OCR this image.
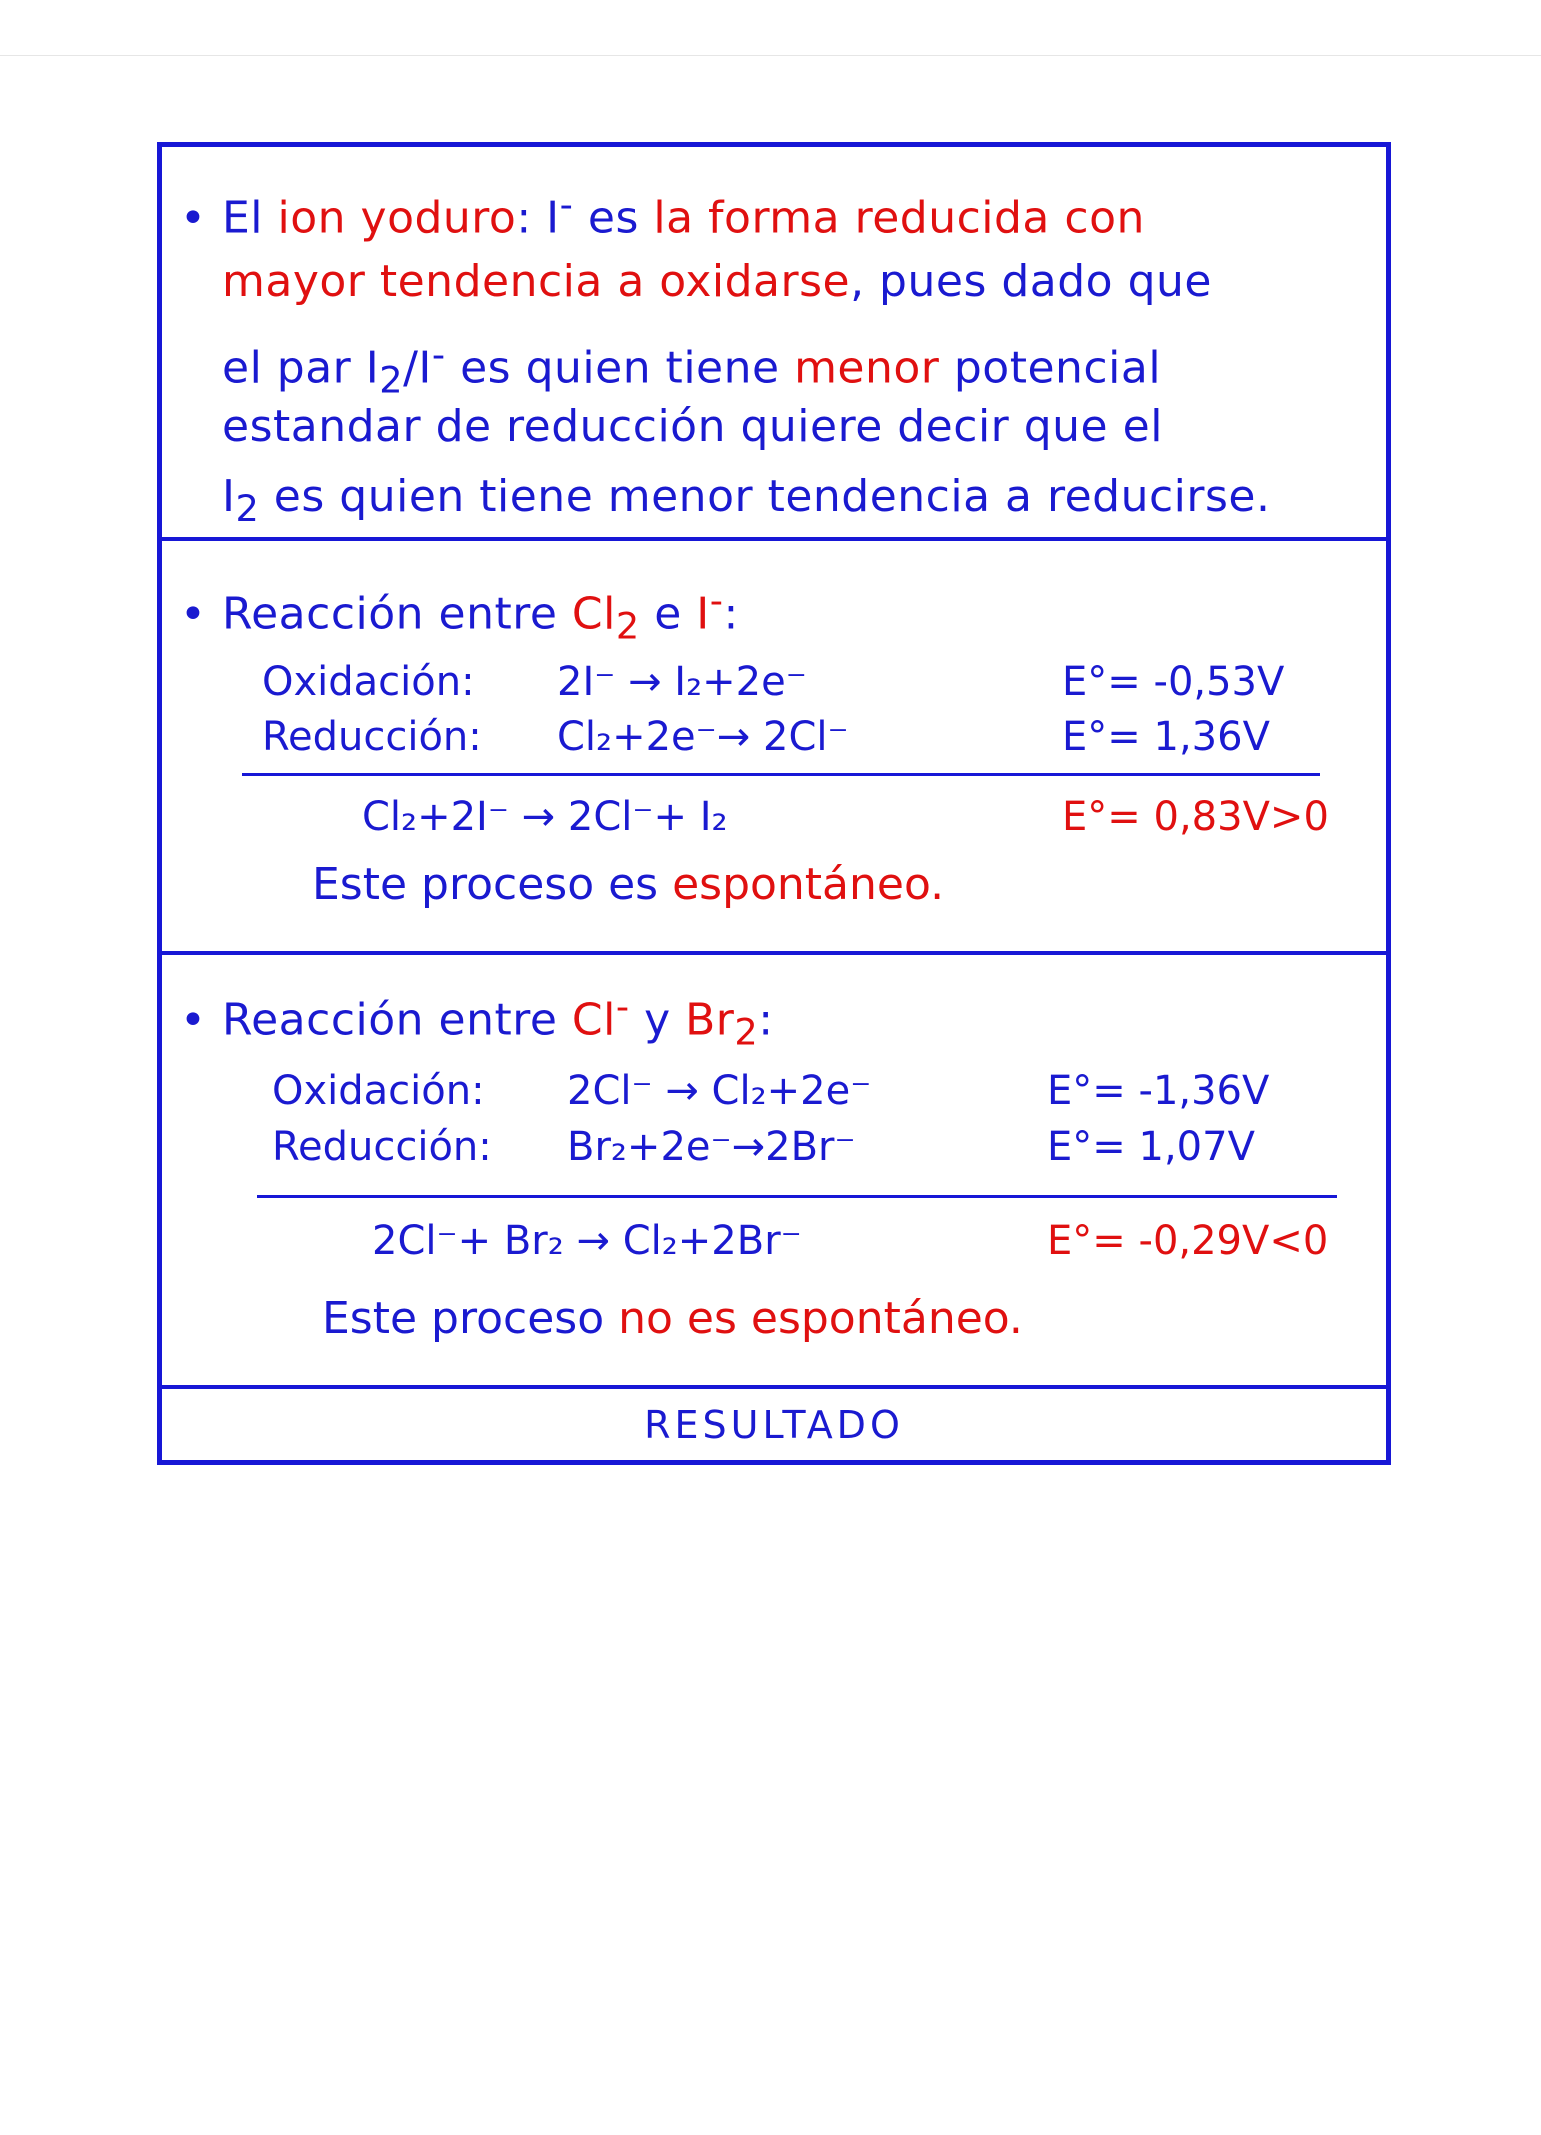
• El ion yoduro: I- es la forma reducida con
mayor tendencia a oxidarse, pues dado que
el par $I_2/I^-$ es quien tiene menor potencial
estandar de reducción quiere decir que el
$I_2$ es quien tiene menor tendencia a reducirse.
• Reacción entre $Cl_2$ e I-:
Oxidación: 2I⁻ → I₂+2e⁻	E°= -0,53V
Reducción: Cl₂+2e⁻→ 2Cl⁻	E°= 1,36V
Cl₂+2I⁻ → 2Cl⁻+ I₂	E°= 0,83V>0
Este proceso es espontáneo.
• Reacción entre Cl- y $Br_2$:
Oxidación: 2Cl⁻ → Cl₂+2e⁻	E°= -1,36V
Reducción: Br₂+2e⁻→2Br⁻	E°= 1,07V
2Cl⁻+ Br₂ → Cl₂+2Br⁻	E°= -0,29V<0
Este proceso no es espontáneo.
RESULTADO
